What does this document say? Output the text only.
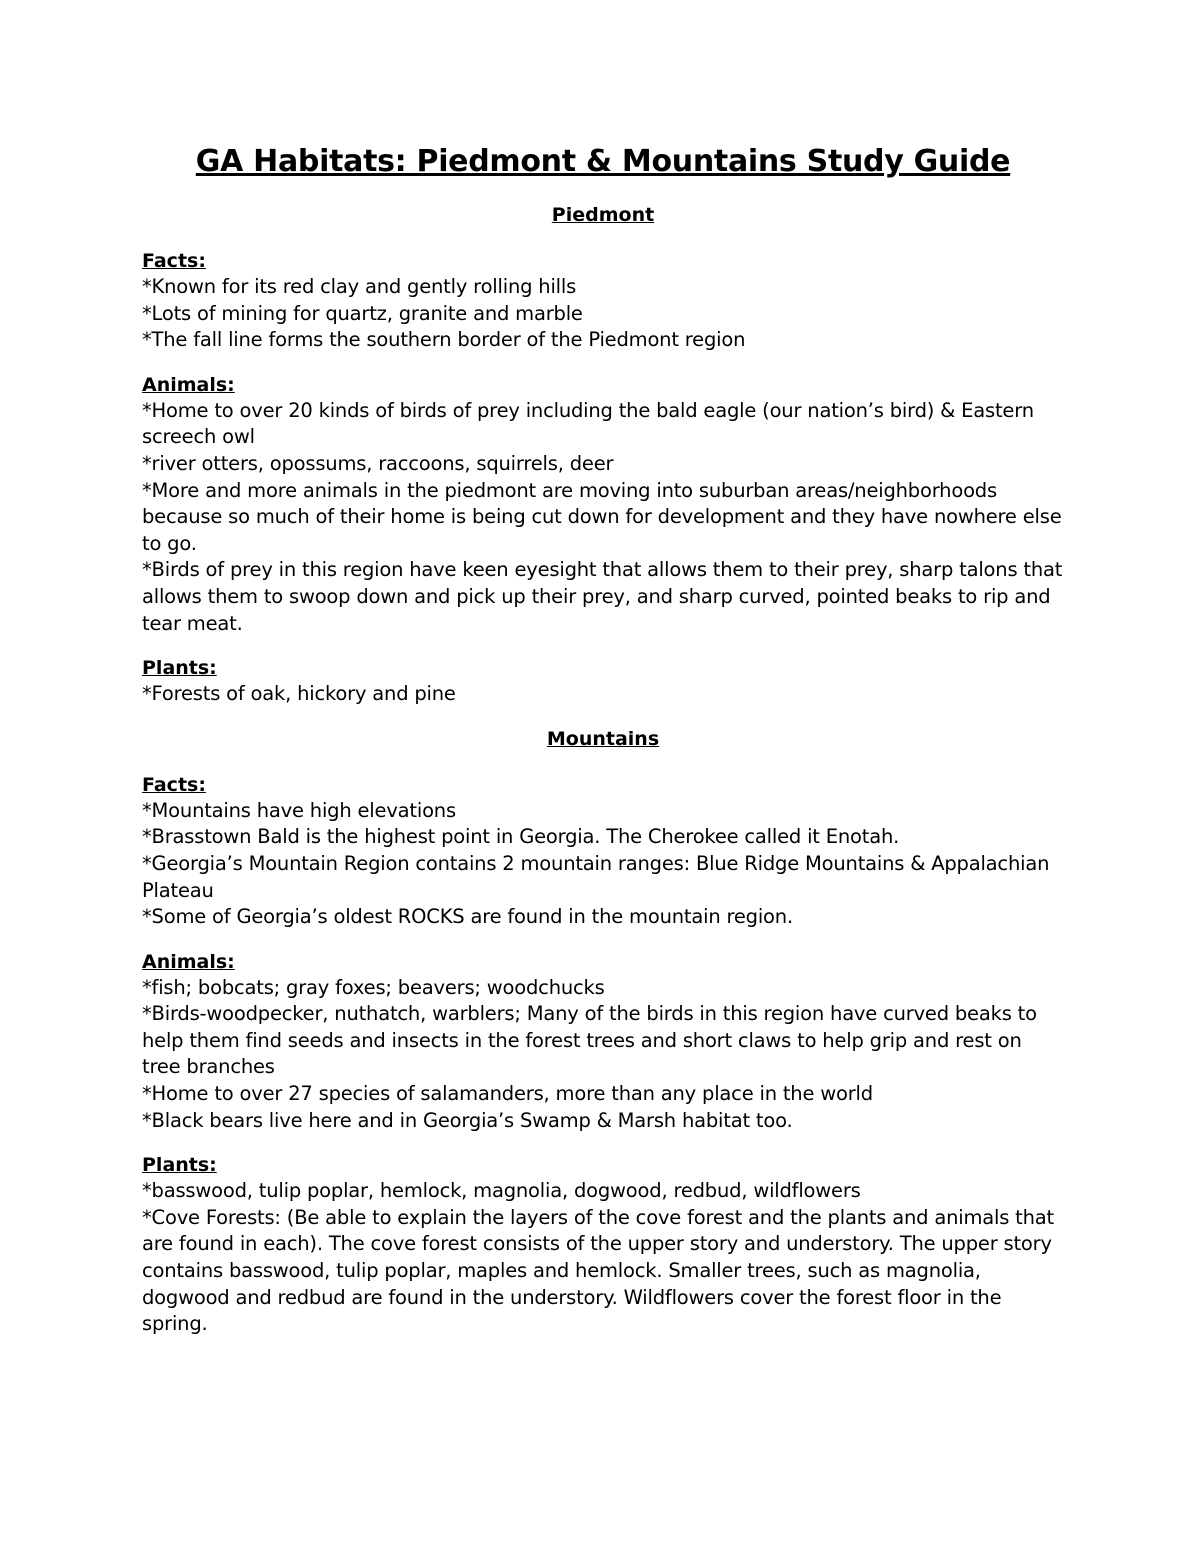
GA Habitats: Piedmont & Mountains Study Guide
Piedmont
Facts:
*Known for its red clay and gently rolling hills
*Lots of mining for quartz, granite and marble
*The fall line forms the southern border of the Piedmont region
Animals:
*Home to over 20 kinds of birds of prey including the bald eagle (our nation’s bird) & Eastern screech owl
*river otters, opossums, raccoons, squirrels, deer
*More and more animals in the piedmont are moving into suburban areas/neighborhoods because so much of their home is being cut down for development and they have nowhere else to go.
*Birds of prey in this region have keen eyesight that allows them to their prey, sharp talons that allows them to swoop down and pick up their prey, and sharp curved, pointed beaks to rip and tear meat.
Plants:
*Forests of oak, hickory and pine
Mountains
Facts:
*Mountains have high elevations
*Brasstown Bald is the highest point in Georgia. The Cherokee called it Enotah.
*Georgia’s Mountain Region contains 2 mountain ranges: Blue Ridge Mountains & Appalachian Plateau
*Some of Georgia’s oldest ROCKS are found in the mountain region.
Animals:
*fish; bobcats; gray foxes; beavers; woodchucks
*Birds-woodpecker, nuthatch, warblers; Many of the birds in this region have curved beaks to help them find seeds and insects in the forest trees and short claws to help grip and rest on tree branches
*Home to over 27 species of salamanders, more than any place in the world
*Black bears live here and in Georgia’s Swamp & Marsh habitat too.
Plants:
*basswood, tulip poplar, hemlock, magnolia, dogwood, redbud, wildflowers
*Cove Forests: (Be able to explain the layers of the cove forest and the plants and animals that are found in each). The cove forest consists of the upper story and understory. The upper story contains basswood, tulip poplar, maples and hemlock. Smaller trees, such as magnolia, dogwood and redbud are found in the understory. Wildflowers cover the forest floor in the spring.
